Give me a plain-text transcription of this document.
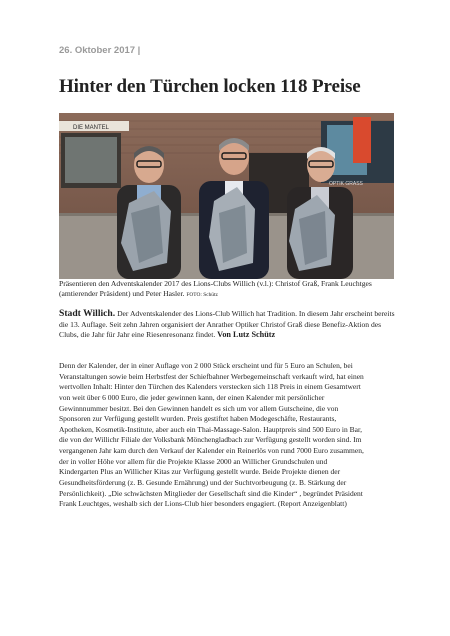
26. Oktober 2017 |
Hinter den Türchen locken 118 Preise
DIE MANTEL
OPTIK GRASS
Präsentieren den Adventskalender 2017 des Lions-Clubs Willich (v.l.): Christof Graß, Frank Leuchtges (amtierender Präsident) und Peter Hasler. FOTO: Schütz
Stadt Willich. Der Adventskalender des Lions-Club Willich hat Tradition. In diesem Jahr erscheint bereits die 13. Auflage. Seit zehn Jahren organisiert der Anrather Optiker Christof Graß diese Benefiz-Aktion des Clubs, die Jahr für Jahr eine Riesenresonanz findet. Von Lutz Schütz
Denn der Kalender, der in einer Auflage von 2 000 Stück erscheint und für 5 Euro an Schulen, bei
Veranstaltungen sowie beim Herbstfest der Schiefbahner Werbegemeinschaft verkauft wird, hat einen
wertvollen Inhalt: Hinter den Türchen des Kalenders verstecken sich 118 Preis in einem Gesamtwert
von weit über 6 000 Euro, die jeder gewinnen kann, der einen Kalender mit persönlicher
Gewinnnummer besitzt. Bei den Gewinnen handelt es sich um vor allem Gutscheine, die von
Sponsoren zur Verfügung gestellt wurden. Preis gestiftet haben Modegeschäfte, Restaurants,
Apotheken, Kosmetik-Institute, aber auch ein Thai-Massage-Salon. Hauptpreis sind 500 Euro in Bar,
die von der Willichr Filiale der Volksbank Mönchengladbach zur Verfügung gestellt worden sind. Im
vergangenen Jahr kam durch den Verkauf der Kalender ein Reinerlös von rund 7000 Euro zusammen,
der in voller Höhe vor allem für die Projekte Klasse 2000 an Willicher Grundschulen und
Kindergarten Plus an Willicher Kitas zur Verfügung gestellt wurde. Beide Projekte dienen der
Gesundheitsförderung (z. B. Gesunde Ernährung) und der Suchtvorbeugung (z. B. Stärkung der
Persönlichkeit). „Die schwächsten Mitglieder der Gesellschaft sind die Kinder“ , begründet Präsident
Frank Leuchtges, weshalb sich der Lions-Club hier besonders engagiert. (Report Anzeigenblatt)
